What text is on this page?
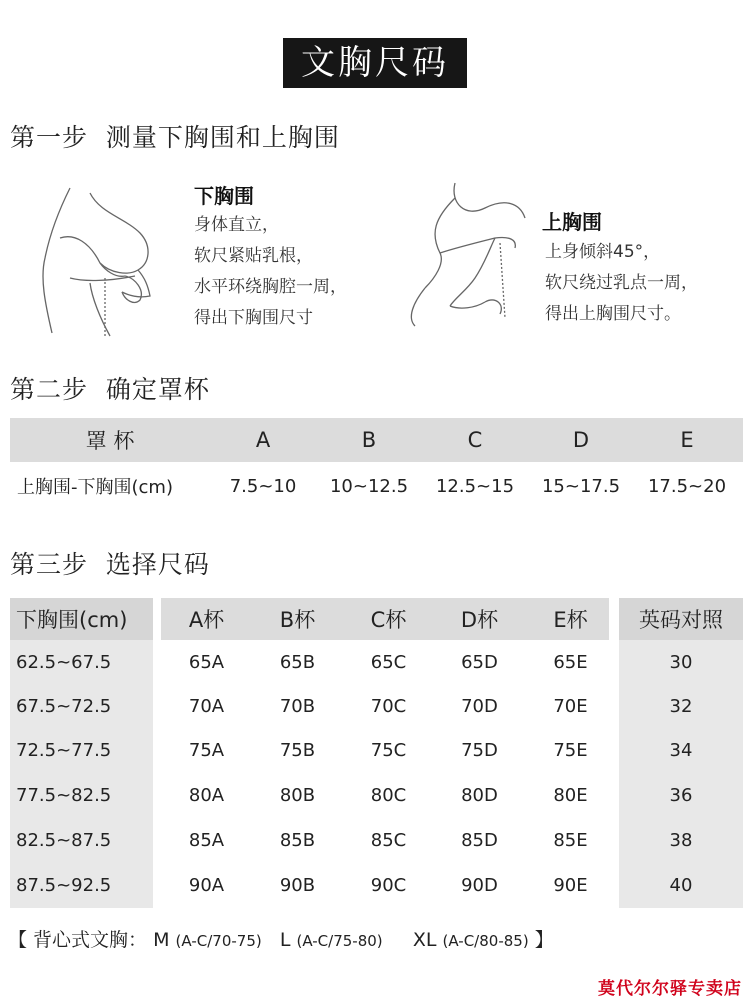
文胸尺码
第一步 测量下胸围和上胸围
下胸围
身体直立，
软尺紧贴乳根，
水平环绕胸腔一周，
得出下胸围尺寸
上胸围
上身倾斜45°，
软尺绕过乳点一周，
得出上胸围尺寸。
第二步 确定罩杯
罩 杯	A	B	C	D	E
上胸围-下胸围(cm)	7.5~10	10~12.5	12.5~15	15~17.5	17.5~20
第三步 选择尺码
下胸围(cm)	A杯	B杯	C杯	D杯	E杯	英码对照
62.5~67.5	65A	65B	65C	65D	65E	30
67.5~72.5	70A	70B	70C	70D	70E	32
72.5~77.5	75A	75B	75C	75D	75E	34
77.5~82.5	80A	80B	80C	80D	80E	36
82.5~87.5	85A	85B	85C	85D	85E	38
87.5~92.5	90A	90B	90C	90D	90E	40
【 背心式文胸： M (A-C/70-75) L (A-C/75-80) XL (A-C/80-85) 】
莫代尔尔驿专卖店
